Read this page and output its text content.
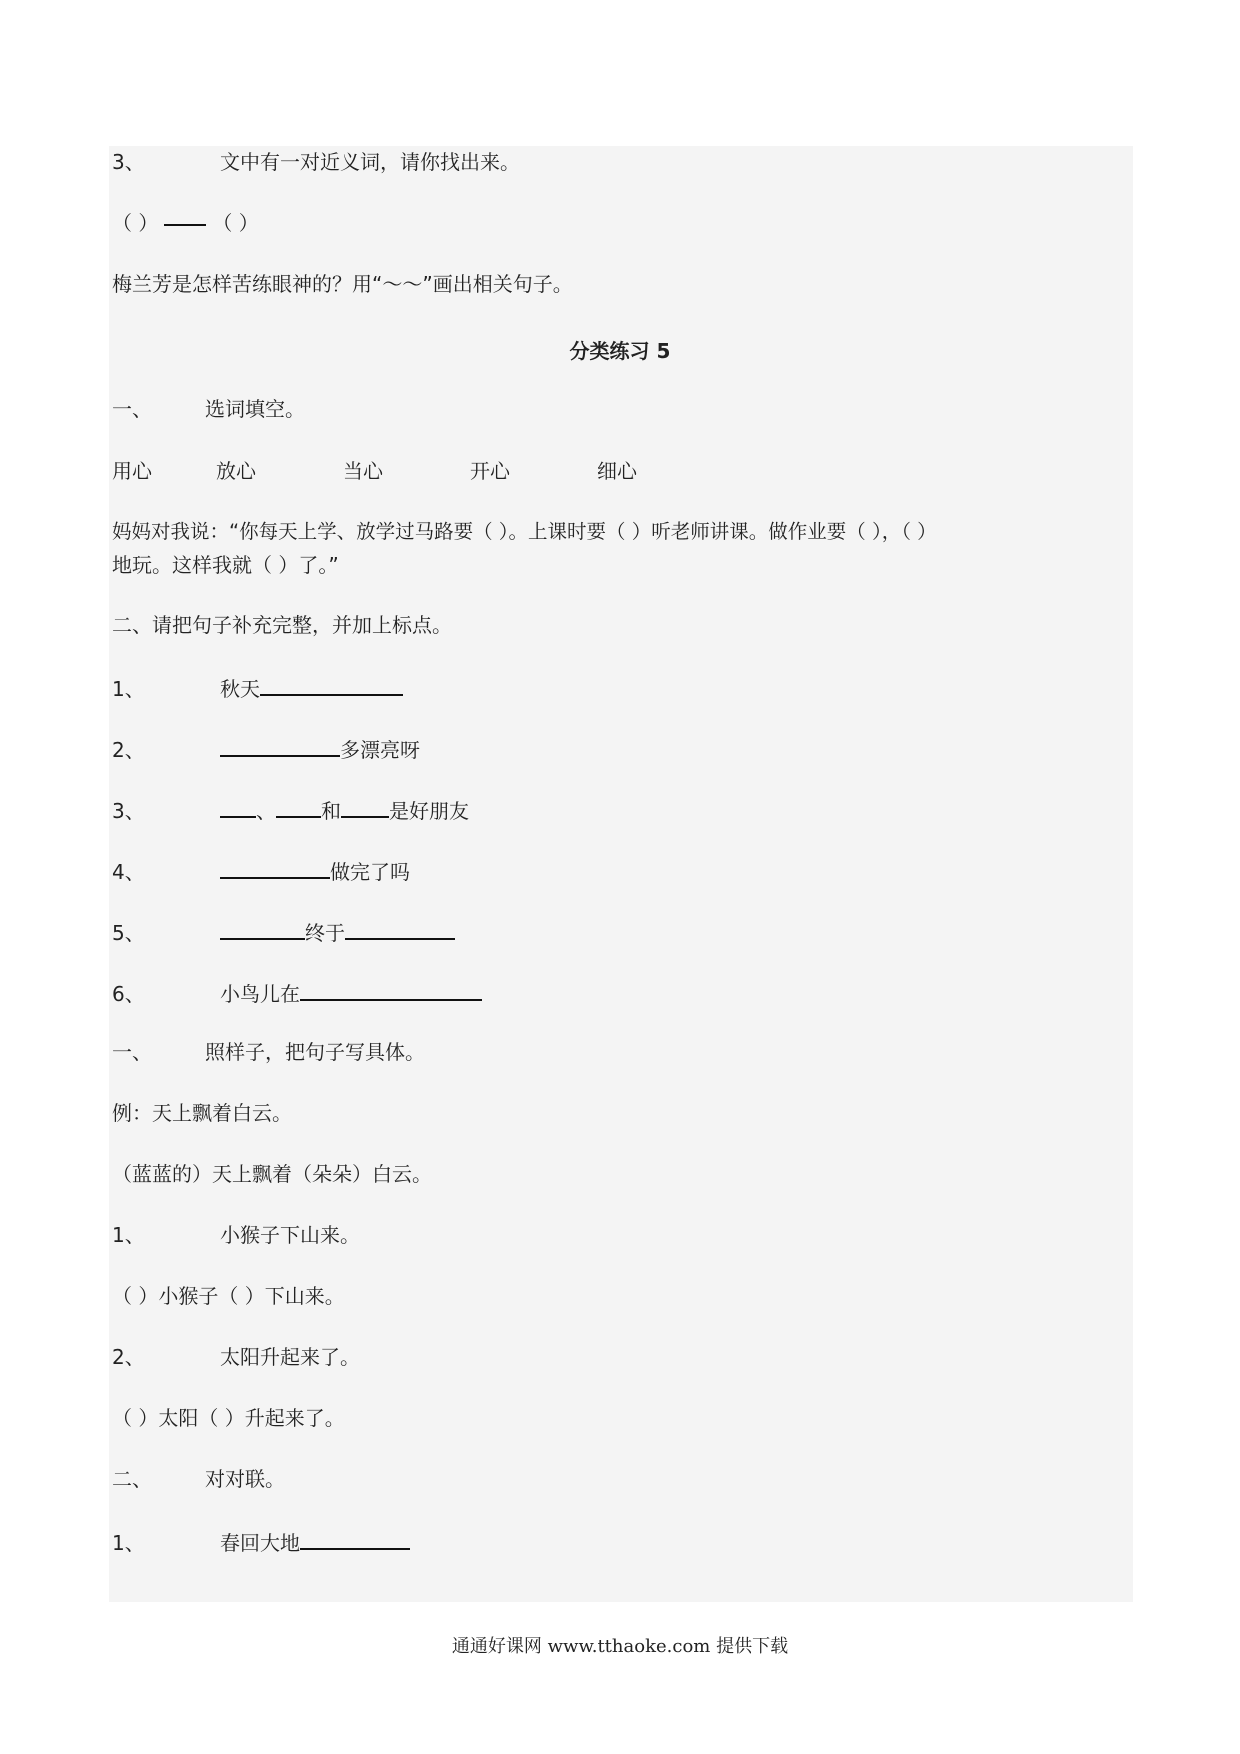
3、	文中有一对近义词，请你找出来。
（ ）	（ ）
梅兰芳是怎样苦练眼神的？用“～～”画出相关句子。
分类练习 5
一、	选词填空。
用心	放心	当心	开心	细心
妈妈对我说：“你每天上学、放学过马路要（ ）。上课时要（ ）听老师讲课。做作业要（ ），（ ）
地玩。这样我就（ ）了。”
二、请把句子补充完整，并加上标点。
1、	秋天
2、	多漂亮呀
3、	、 和 是好朋友
4、	做完了吗
5、	终于
6、	小鸟儿在
一、	照样子，把句子写具体。
例：天上飘着白云。
（蓝蓝的）天上飘着（朵朵）白云。
1、	小猴子下山来。
（ ）小猴子（ ）下山来。
2、	太阳升起来了。
（ ）太阳（ ）升起来了。
二、	对对联。
1、	春回大地
通通好课网 www.tthaoke.com 提供下载
